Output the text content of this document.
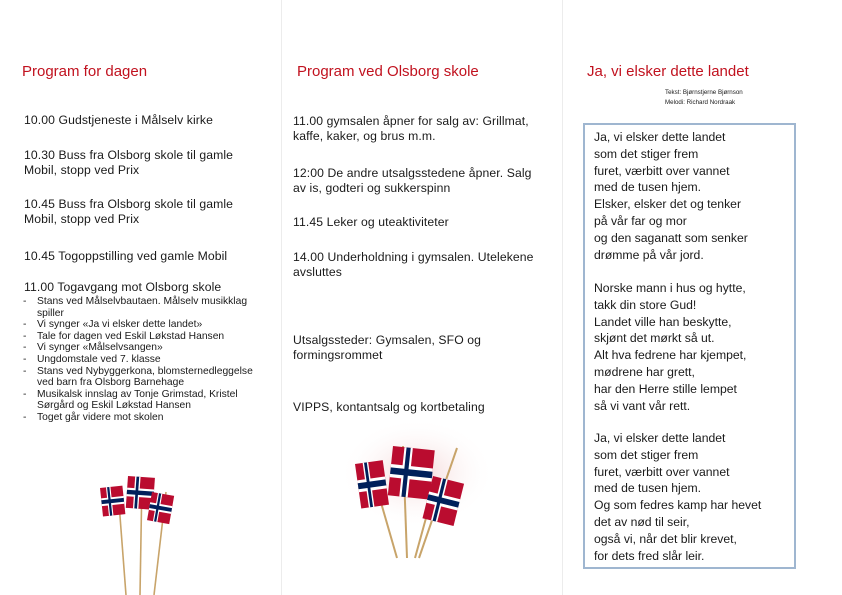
Program for dagen
10.00 Gudstjeneste i Målselv kirke
10.30 Buss fra Olsborg skole til gamle Mobil, stopp ved Prix
10.45 Buss fra Olsborg skole til gamle Mobil, stopp ved Prix
10.45 Togoppstilling ved gamle Mobil
11.00 Togavgang mot Olsborg skole
- Stans ved Målselvbautaen. Målselv musikklag spiller
- Vi synger «Ja vi elsker dette landet»
- Tale for dagen ved Eskil Løkstad Hansen
- Vi synger «Målselvsangen»
- Ungdomstale ved 7. klasse
- Stans ved Nybyggerkona, blomsternedleggelse ved barn fra Olsborg Barnehage
- Musikalsk innslag av Tonje Grimstad, Kristel Sørgård og Eskil Løkstad Hansen
- Toget går videre mot skolen
Program ved Olsborg skole
11.00 gymsalen åpner for salg av: Grillmat, kaffe, kaker, og brus m.m.
12:00 De andre utsalgsstedene åpner. Salg av is, godteri og sukkerspinn
11.45 Leker og uteaktiviteter
14.00 Underholdning i gymsalen. Utelekene avsluttes
Utsalgssteder: Gymsalen, SFO og formingsrommet
VIPPS, kontantsalg og kortbetaling
Ja, vi elsker dette landet
Tekst: Bjørnstjerne Bjørnson
Melodi: Richard Nordraak
Ja, vi elsker dette landet
som det stiger frem
furet, værbitt over vannet
med de tusen hjem.
Elsker, elsker det og tenker
på vår far og mor
og den saganatt som senker
drømme på vår jord.
Norske mann i hus og hytte,
takk din store Gud!
Landet ville han beskytte,
skjønt det mørkt så ut.
Alt hva fedrene har kjempet,
mødrene har grett,
har den Herre stille lempet
så vi vant vår rett.
Ja, vi elsker dette landet
som det stiger frem
furet, værbitt over vannet
med de tusen hjem.
Og som fedres kamp har hevet
det av nød til seir,
også vi, når det blir krevet,
for dets fred slår leir.
